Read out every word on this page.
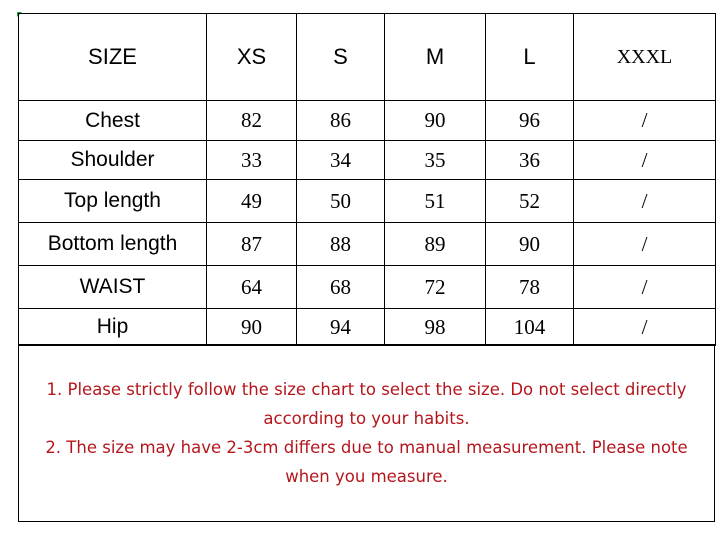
SIZE	XS	S	M	L	XXXL
Chest	82	86	90	96	/
Shoulder	33	34	35	36	/
Top length	49	50	51	52	/
Bottom length	87	88	89	90	/
WAIST	64	68	72	78	/
Hip	90	94	98	104	/

1. Please strictly follow the size chart to select the size. Do not select directly according to your habits.

2. The size may have 2-3cm differs due to manual measurement. Please note when you measure.
